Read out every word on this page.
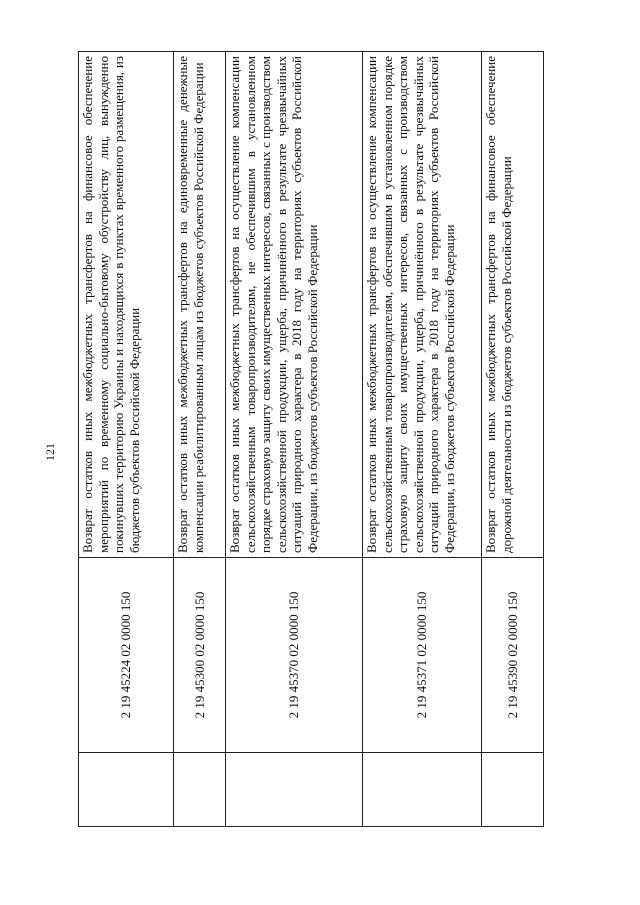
121
	2 19 45224 02 0000 150	Возврат остатков иных межбюджетных трансфертов на финансовое обеспечение мероприятий по временному социально-бытовому обустройству лиц, вынужденно покинувших территорию Украины и находящихся в пунктах временного размещения, из бюджетов субъектов Российской Федерации
	2 19 45300 02 0000 150	Возврат остатков иных межбюджетных трансфертов на единовременные денежные компенсации реабилитированным лицам из бюджетов субъектов Российской Федерации
	2 19 45370 02 0000 150	Возврат остатков иных межбюджетных трансфертов на осуществление компенсации сельскохозяйственным товаропроизводителям, не обеспечившим в установленном порядке страховую защиту своих имущественных интересов, связанных с производством сельскохозяйственной продукции, ущерба, причинённого в результате чрезвычайных ситуаций природного характера в 2018 году на территориях субъектов Российской Федерации, из бюджетов субъектов Российской Федерации
	2 19 45371 02 0000 150	Возврат остатков иных межбюджетных трансфертов на осуществление компенсации сельскохозяйственным товаропроизводителям, обеспечившим в установленном порядке страховую защиту своих имущественных интересов, связанных с производством сельскохозяйственной продукции, ущерба, причинённого в результате чрезвычайных ситуаций природного характера в 2018 году на территориях субъектов Российской Федерации, из бюджетов субъектов Российской Федерации
	2 19 45390 02 0000 150	Возврат остатков иных межбюджетных трансфертов на финансовое обеспечение дорожной деятельности из бюджетов субъектов Российской Федерации
